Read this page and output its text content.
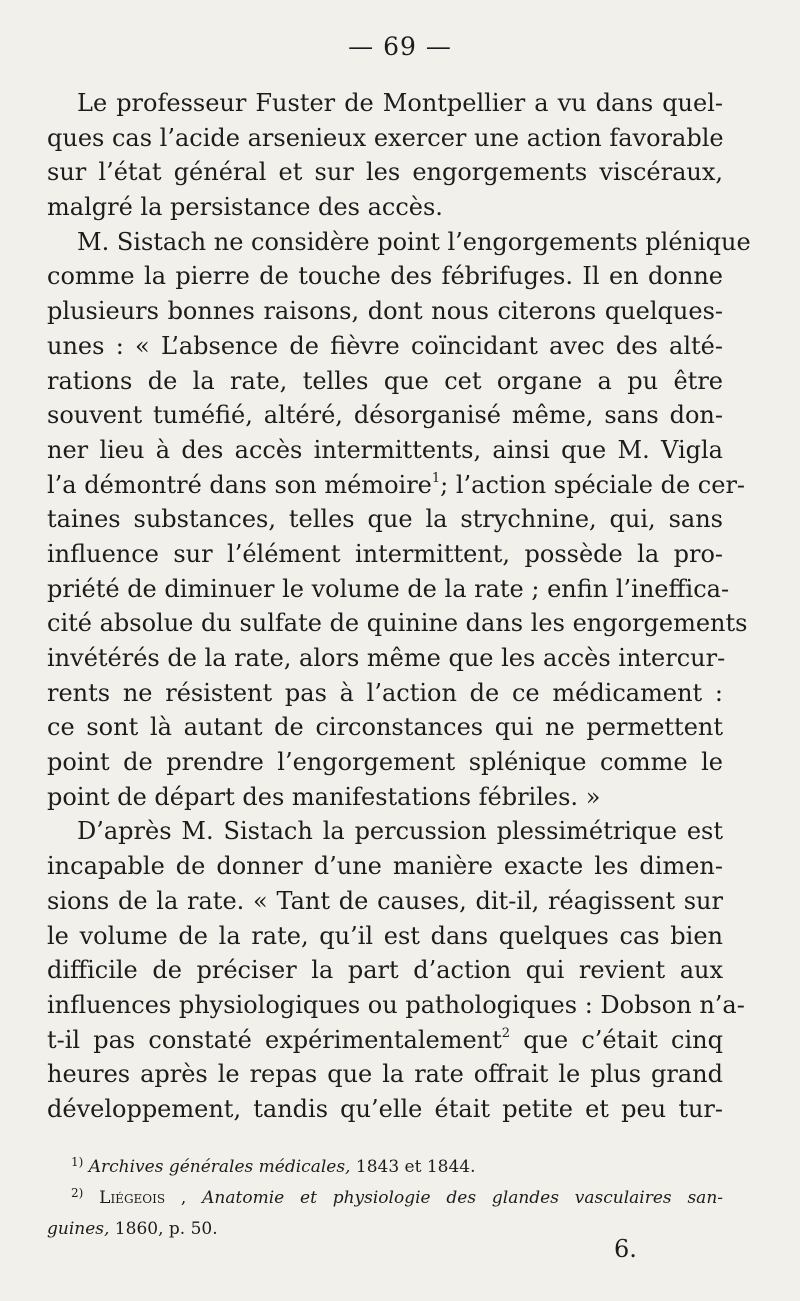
— 69 —
Le professeur Fuster de Montpellier a vu dans quel-
ques cas l’acide arsenieux exercer une action favorable
sur l’état général et sur les engorgements viscéraux,
malgré la persistance des accès.
M. Sistach ne considère point l’engorgements plénique
comme la pierre de touche des fébrifuges. Il en donne
plusieurs bonnes raisons, dont nous citerons quelques-
unes : « L’absence de fièvre coïncidant avec des alté-
rations de la rate, telles que cet organe a pu être
souvent tuméfié, altéré, désorganisé même, sans don-
ner lieu à des accès intermittents, ainsi que M. Vigla
l’a démontré dans son mémoire$^1$; l’action spéciale de cer-
taines substances, telles que la strychnine, qui, sans
influence sur l’élément intermittent, possède la pro-
priété de diminuer le volume de la rate ; enfin l’ineffica-
cité absolue du sulfate de quinine dans les engorgements
invétérés de la rate, alors même que les accès intercur-
rents ne résistent pas à l’action de ce médicament :
ce sont là autant de circonstances qui ne permettent
point de prendre l’engorgement splénique comme le
point de départ des manifestations fébriles. »
D’après M. Sistach la percussion plessimétrique est
incapable de donner d’une manière exacte les dimen-
sions de la rate. « Tant de causes, dit-il, réagissent sur
le volume de la rate, qu’il est dans quelques cas bien
difficile de préciser la part d’action qui revient aux
influences physiologiques ou pathologiques : Dobson n’a-
t-il pas constaté expérimentalement$^2$ que c’était cinq
heures après le repas que la rate offrait le plus grand
développement, tandis qu’elle était petite et peu tur-
$^{1)}$ Archives générales médicales, 1843 et 1844.
$^{2)}$ Liégeois , Anatomie et physiologie des glandes vasculaires san-
guines, 1860, p. 50.
6.
